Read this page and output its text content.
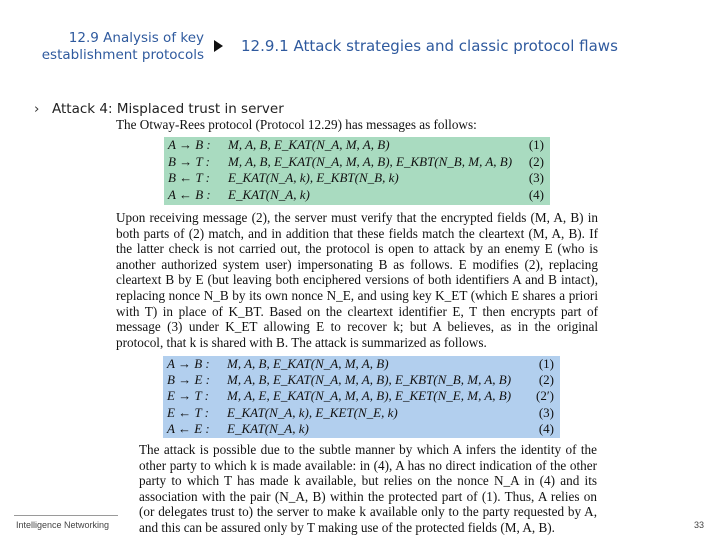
12.9 Analysis of key
establishment protocols 12.9.1 Attack strategies and classic protocol flaws
› Attack 4: Misplaced trust in server
The Otway-Rees protocol (Protocol 12.29) has messages as follows:
A → B : M, A, B, E_KAT(N_A, M, A, B)	(1)
B → T : M, A, B, E_KAT(N_A, M, A, B), E_KBT(N_B, M, A, B) (2)
B ← T : E_KAT(N_A, k), E_KBT(N_B, k)	(3)
A ← B : E_KAT(N_A, k)	(4)
Upon receiving message (2), the server must verify that the encrypted fields (M, A, B) in both parts of (2) match, and in addition that these fields match the cleartext (M, A, B). If the latter check is not carried out, the protocol is open to attack by an enemy E (who is another authorized system user) impersonating B as follows. E modifies (2), replacing cleartext B by E (but leaving both enciphered versions of both identifiers A and B intact), replacing nonce N_B by its own nonce N_E, and using key K_ET (which E shares a priori with T) in place of K_BT. Based on the cleartext identifier E, T then encrypts part of message (3) under K_ET allowing E to recover k; but A believes, as in the original protocol, that k is shared with B. The attack is summarized as follows.
A → B : M, A, B, E_KAT(N_A, M, A, B)	(1)
B → E : M, A, B, E_KAT(N_A, M, A, B), E_KBT(N_B, M, A, B) (2)
E → T : M, A, E, E_KAT(N_A, M, A, B), E_KET(N_E, M, A, B) (2′)
E ← T : E_KAT(N_A, k), E_KET(N_E, k)	(3)
A ← E : E_KAT(N_A, k)	(4)
The attack is possible due to the subtle manner by which A infers the identity of the other party to which k is made available: in (4), A has no direct indication of the other party to which T has made k available, but relies on the nonce N_A in (4) and its association with the pair (N_A, B) within the protected part of (1). Thus, A relies on (or delegates trust to) the server to make k available only to the party requested by A, and this can be assured only by T making use of the protected fields (M, A, B).
Intelligence Networking	33
